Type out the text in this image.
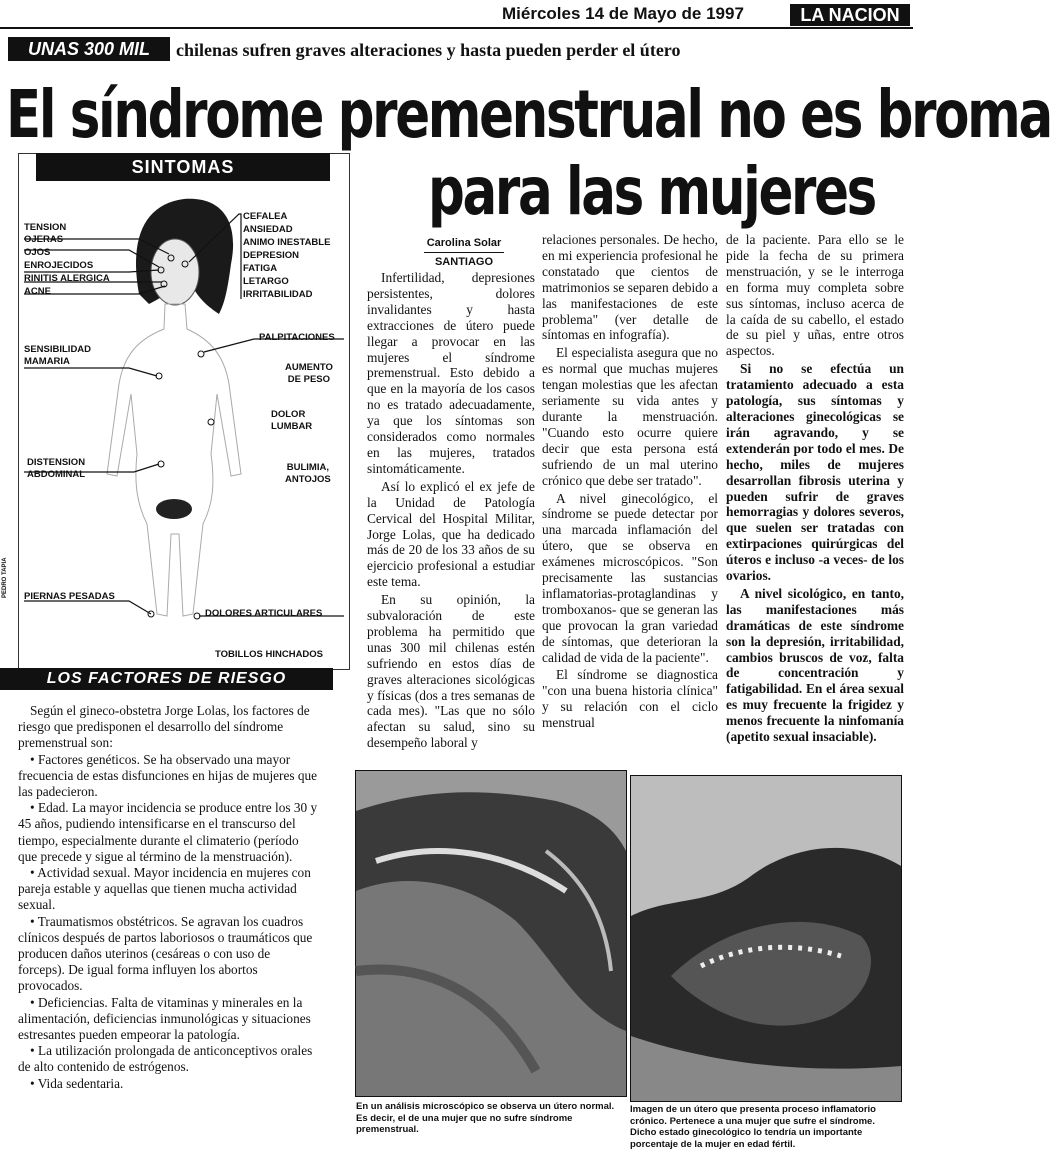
Miércoles 14 de Mayo de 1997	LA NACION
UNAS 300 MIL	chilenas sufren graves alteraciones y hasta pueden perder el útero
El síndrome premenstrual no es broma
para las mujeres
TENSION
OJERAS
OJOS
ENROJECIDOS
RINITIS ALERGICA
ACNE
CEFALEA
ANSIEDAD
ANIMO INESTABLE
DEPRESION
FATIGA
LETARGO
IRRITABILIDAD
PALPITACIONES
SENSIBILIDAD
MAMARIA
AUMENTO
DE PESO
DOLOR
LUMBAR
DISTENSION
ABDOMINAL
BULIMIA,
ANTOJOS
PIERNAS PESADAS
DOLORES ARTICULARES
TOBILLOS HINCHADOS
SINTOMAS
PEDRO TAPIA
LOS FACTORES DE RIESGO

Según el gineco-obstetra Jorge Lolas, los factores de riesgo que predisponen el desarrollo del síndrome premenstrual son:

• Factores genéticos. Se ha observado una mayor frecuencia de estas disfunciones en hijas de mujeres que las padecieron.

• Edad. La mayor incidencia se produce entre los 30 y 45 años, pudiendo intensificarse en el transcurso del tiempo, especialmente durante el climaterio (período que precede y sigue al término de la menstruación).

• Actividad sexual. Mayor incidencia en mujeres con pareja estable y aquellas que tienen mucha actividad sexual.

• Traumatismos obstétricos. Se agravan los cuadros clínicos después de partos laboriosos o traumáticos que producen daños uterinos (cesáreas o con uso de forceps). De igual forma influyen los abortos provocados.

• Deficiencias. Falta de vitaminas y minerales en la alimentación, deficiencias inmunológicas y situaciones estresantes pueden empeorar la patología.

• La utilización prolongada de anticonceptivos orales de alto contenido de estrógenos.

• Vida sedentaria.

Carolina Solar
SANTIAGO

Infertilidad, depresiones persistentes, dolores invalidantes y hasta extracciones de útero puede llegar a provocar en las mujeres el síndrome premenstrual. Esto debido a que en la mayoría de los casos no es tratado adecuadamente, ya que los síntomas son considerados como normales en las mujeres, tratados sintomáticamente.

Así lo explicó el ex jefe de la Unidad de Patología Cervical del Hospital Militar, Jorge Lolas, que ha dedicado más de 20 de los 33 años de su ejercicio profesional a estudiar este tema.

En su opinión, la subvaloración de este problema ha permitido que unas 300 mil chilenas estén sufriendo en estos días de graves alteraciones sicológicas y físicas (dos a tres semanas de cada mes). "Las que no sólo afectan su salud, sino su desempeño laboral y

relaciones personales. De hecho, en mi experiencia profesional he constatado que cientos de matrimonios se separen debido a las manifestaciones de este problema" (ver detalle de síntomas en infografía).

El especialista asegura que no es normal que muchas mujeres tengan molestias que les afectan seriamente su vida antes y durante la menstruación. "Cuando esto ocurre quiere decir que esta persona está sufriendo de un mal uterino crónico que debe ser tratado".

A nivel ginecológico, el síndrome se puede detectar por una marcada inflamación del útero, que se observa en exámenes microscópicos. "Son precisamente las sustancias inflamatorias-protaglandinas y tromboxanos- que se generan las que provocan la gran variedad de síntomas, que deterioran la calidad de vida de la paciente".

El síndrome se diagnostica "con una buena historia clínica" y su relación con el ciclo menstrual

de la paciente. Para ello se le pide la fecha de su primera menstruación, y se le interroga en forma muy completa sobre sus síntomas, incluso acerca de la caída de su cabello, el estado de su piel y uñas, entre otros aspectos.

Si no se efectúa un tratamiento adecuado a esta patología, sus síntomas y alteraciones ginecológicas se irán agravando, y se extenderán por todo el mes. De hecho, miles de mujeres desarrollan fibrosis uterina y pueden sufrir de graves hemorragias y dolores severos, que suelen ser tratadas con extirpaciones quirúrgicas del úteros e incluso -a veces- de los ovarios.

A nivel sicológico, en tanto, las manifestaciones más dramáticas de este síndrome son la depresión, irritabilidad, cambios bruscos de voz, falta de concentración y fatigabilidad. En el área sexual es muy frecuente la frigidez y menos frecuente la ninfomanía (apetito sexual insaciable).

En un análisis microscópico se observa un útero normal. Es decir, el de una mujer que no sufre síndrome premenstrual.
Imagen de un útero que presenta proceso inflamatorio crónico. Pertenece a una mujer que sufre el síndrome. Dicho estado ginecológico lo tendría un importante porcentaje de la mujer en edad fértil.
